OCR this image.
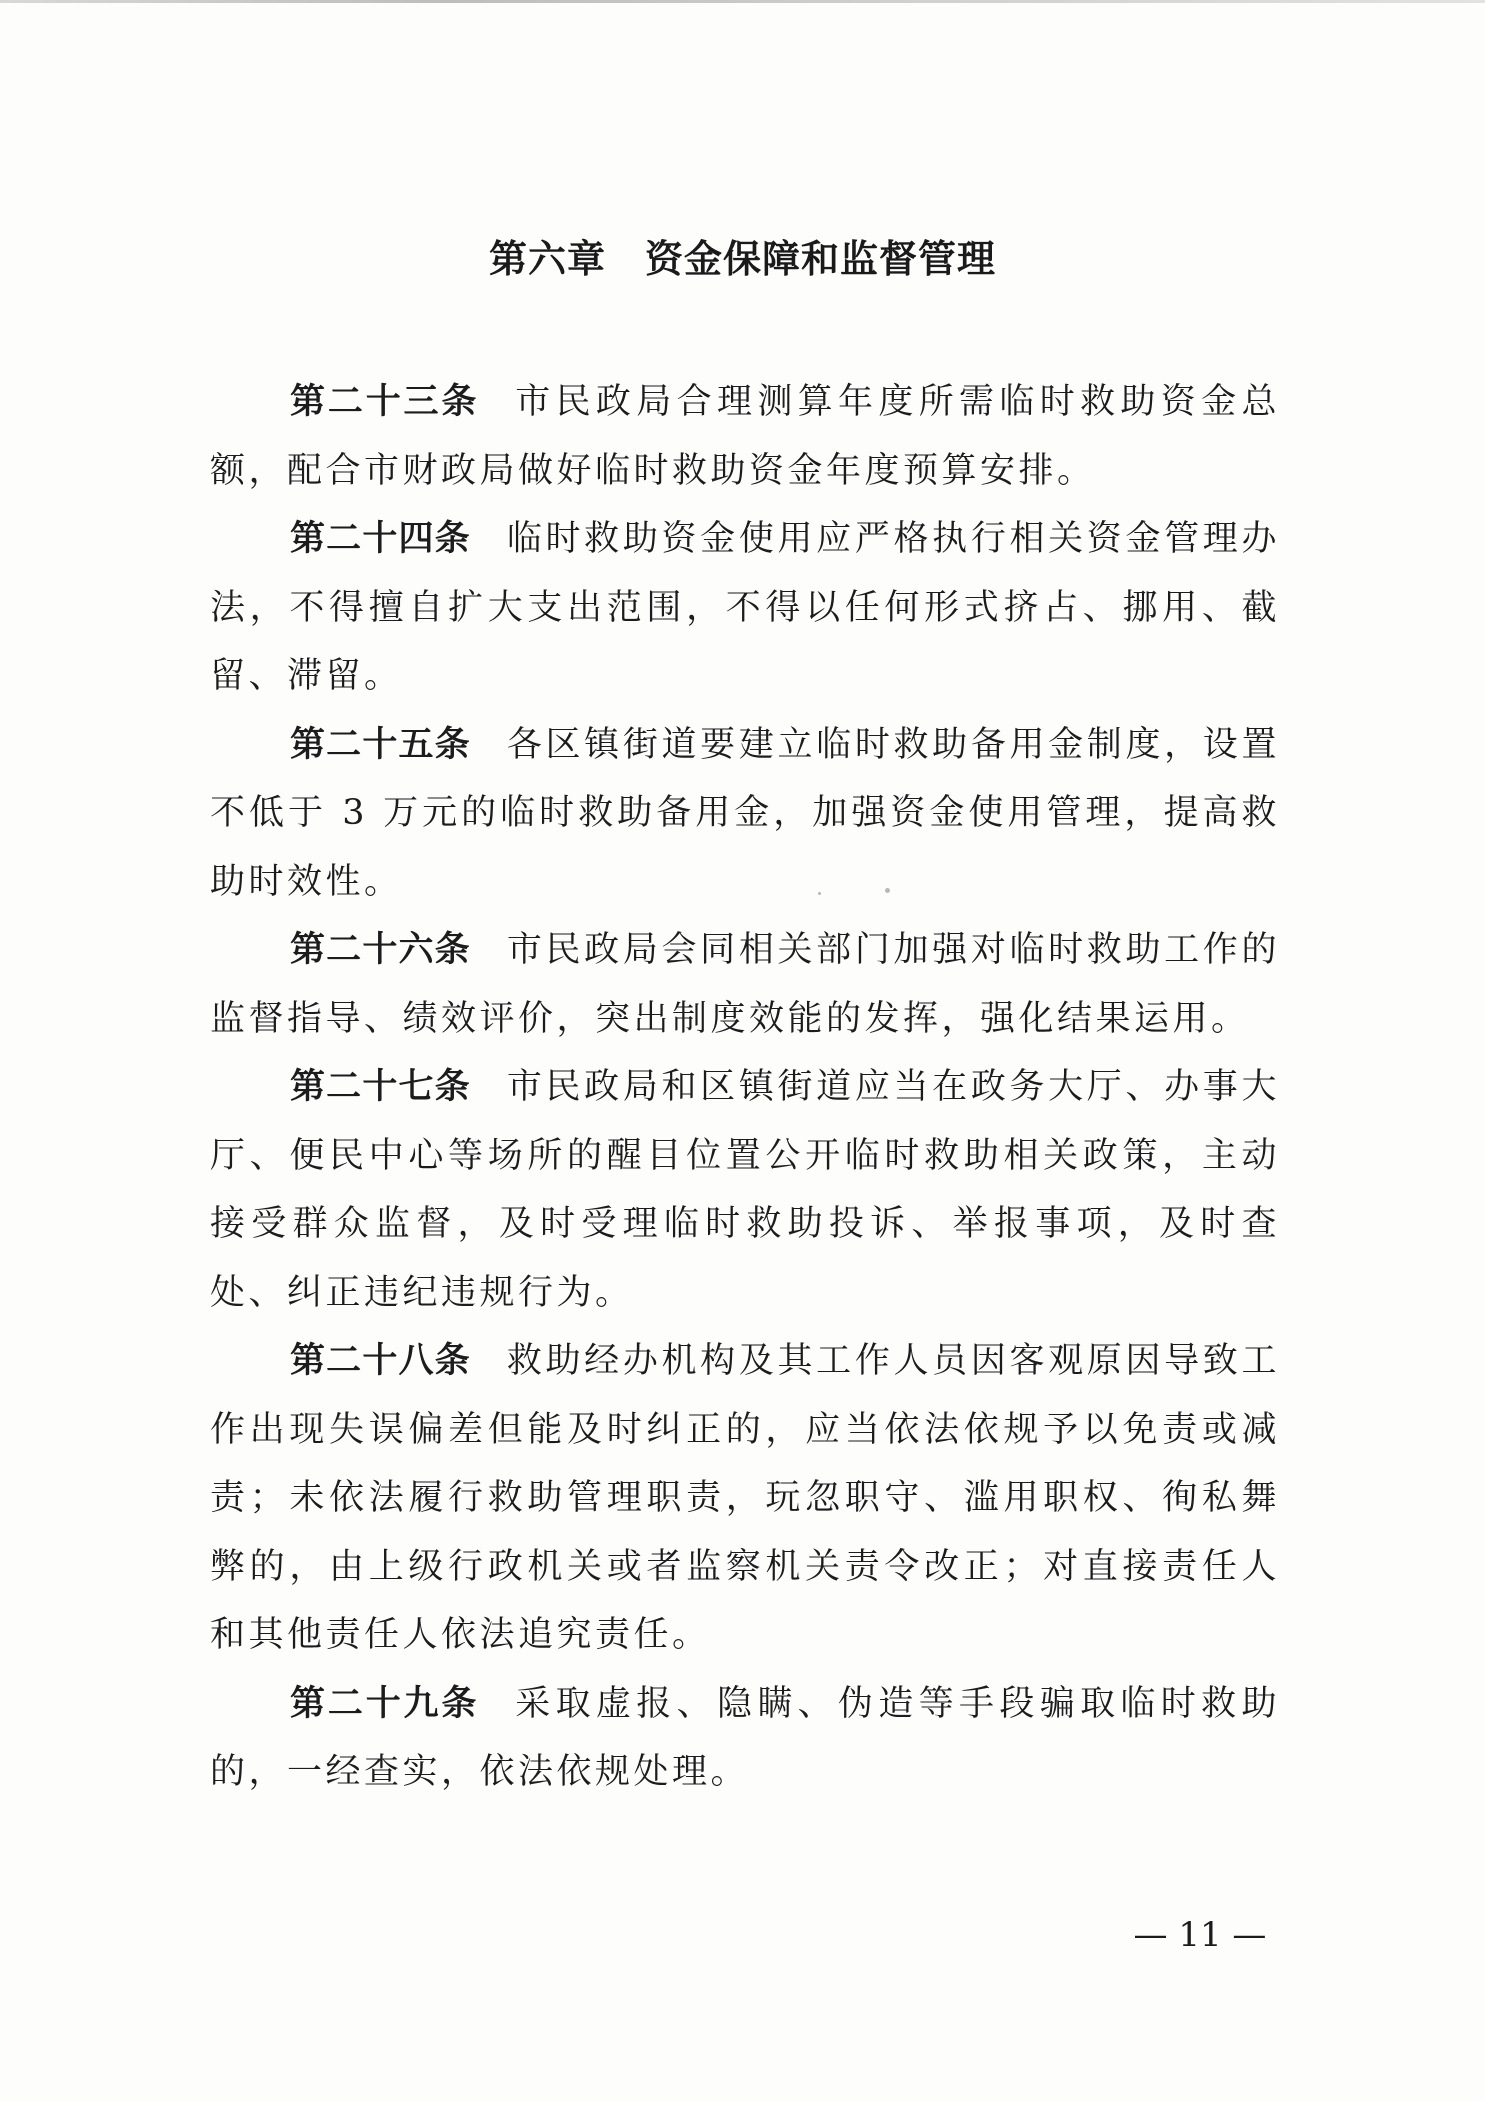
第六章　资金保障和监督管理

第二十三条 市民政局合理测算年度所需临时救助资金总额，配合市财政局做好临时救助资金年度预算安排。

第二十四条 临时救助资金使用应严格执行相关资金管理办法，不得擅自扩大支出范围，不得以任何形式挤占、挪用、截留、滞留。

第二十五条 各区镇街道要建立临时救助备用金制度，设置不低于 3 万元的临时救助备用金，加强资金使用管理，提高救助时效性。

第二十六条 市民政局会同相关部门加强对临时救助工作的监督指导、绩效评价，突出制度效能的发挥，强化结果运用。

第二十七条 市民政局和区镇街道应当在政务大厅、办事大厅、便民中心等场所的醒目位置公开临时救助相关政策，主动接受群众监督，及时受理临时救助投诉、举报事项，及时查处、纠正违纪违规行为。

第二十八条 救助经办机构及其工作人员因客观原因导致工作出现失误偏差但能及时纠正的，应当依法依规予以免责或减责；未依法履行救助管理职责，玩忽职守、滥用职权、徇私舞弊的，由上级行政机关或者监察机关责令改正；对直接责任人和其他责任人依法追究责任。

第二十九条 采取虚报、隐瞒、伪造等手段骗取临时救助的，一经查实，依法依规处理。

— 11 —
